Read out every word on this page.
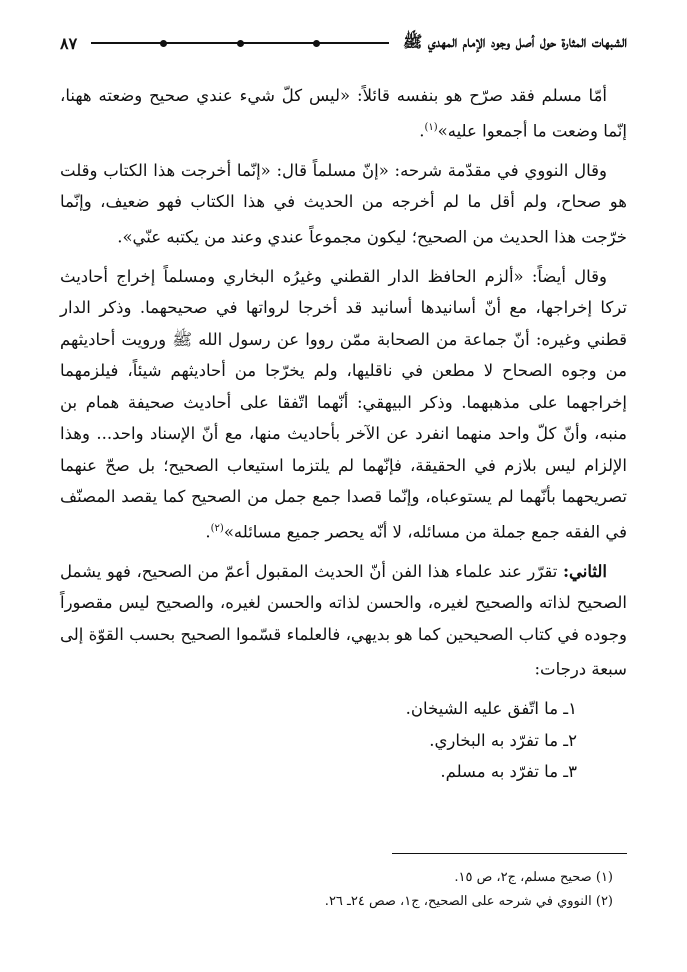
الشبهات المثارة حول أصل وجود الإمام المهدي ﷺ
٨٧

أمّا مسلم فقد صرّح هو بنفسه قائلاً: «ليس كلّ شيء عندي صحيح وضعته ههنا، إنّما وضعت ما أجمعوا عليه»$^{(١)}$.

وقال النووي في مقدّمة شرحه: «إنّ مسلماً قال: «إنّما أخرجت هذا الكتاب وقلت هو صحاح، ولم أقل ما لم أخرجه من الحديث في هذا الكتاب فهو ضعيف، وإنّما خرّجت هذا الحديث من الصحيح؛ ليكون مجموعاً عندي وعند من يكتبه عنّي».

وقال أيضاً: «ألزم الحافظ الدار القطني وغيرُه البخاري ومسلماً إخراج أحاديث تركا إخراجها، مع أنّ أسانيدها أسانيد قد أخرجا لرواتها في صحيحهما. وذكر الدار قطني وغيره: أنّ جماعة من الصحابة ممّن رووا عن رسول الله ﷺ ورويت أحاديثهم من وجوه الصحاح لا مطعن في ناقليها، ولم يخرّجا من أحاديثهم شيئاً، فيلزمهما إخراجهما على مذهبهما. وذكر البيهقي: أنّهما اتّفقا على أحاديث صحيفة همام بن منبه، وأنّ كلّ واحد منهما انفرد عن الآخر بأحاديث منها، مع أنّ الإسناد واحد... وهذا الإلزام ليس بلازم في الحقيقة، فإنّهما لم يلتزما استيعاب الصحيح؛ بل صحّ عنهما تصريحهما بأنّهما لم يستوعباه، وإنّما قصدا جمع جمل من الصحيح كما يقصد المصنّف في الفقه جمع جملة من مسائله، لا أنّه يحصر جميع مسائله»$^{(٢)}$.

الثاني: تقرّر عند علماء هذا الفن أنّ الحديث المقبول أعمّ من الصحيح، فهو يشمل الصحيح لذاته والصحيح لغيره، والحسن لذاته والحسن لغيره، والصحيح ليس مقصوراً وجوده في كتاب الصحيحين كما هو بديهي، فالعلماء قسّموا الصحيح بحسب القوّة إلى سبعة درجات:

١ـ ما اتّفق عليه الشيخان.

٢ـ ما تفرّد به البخاري.

٣ـ ما تفرّد به مسلم.

(١) صحيح مسلم، ج٢، ص ١٥.
(٢) النووي في شرحه على الصحيح، ج١، صص ٢٤ـ ٢٦.
